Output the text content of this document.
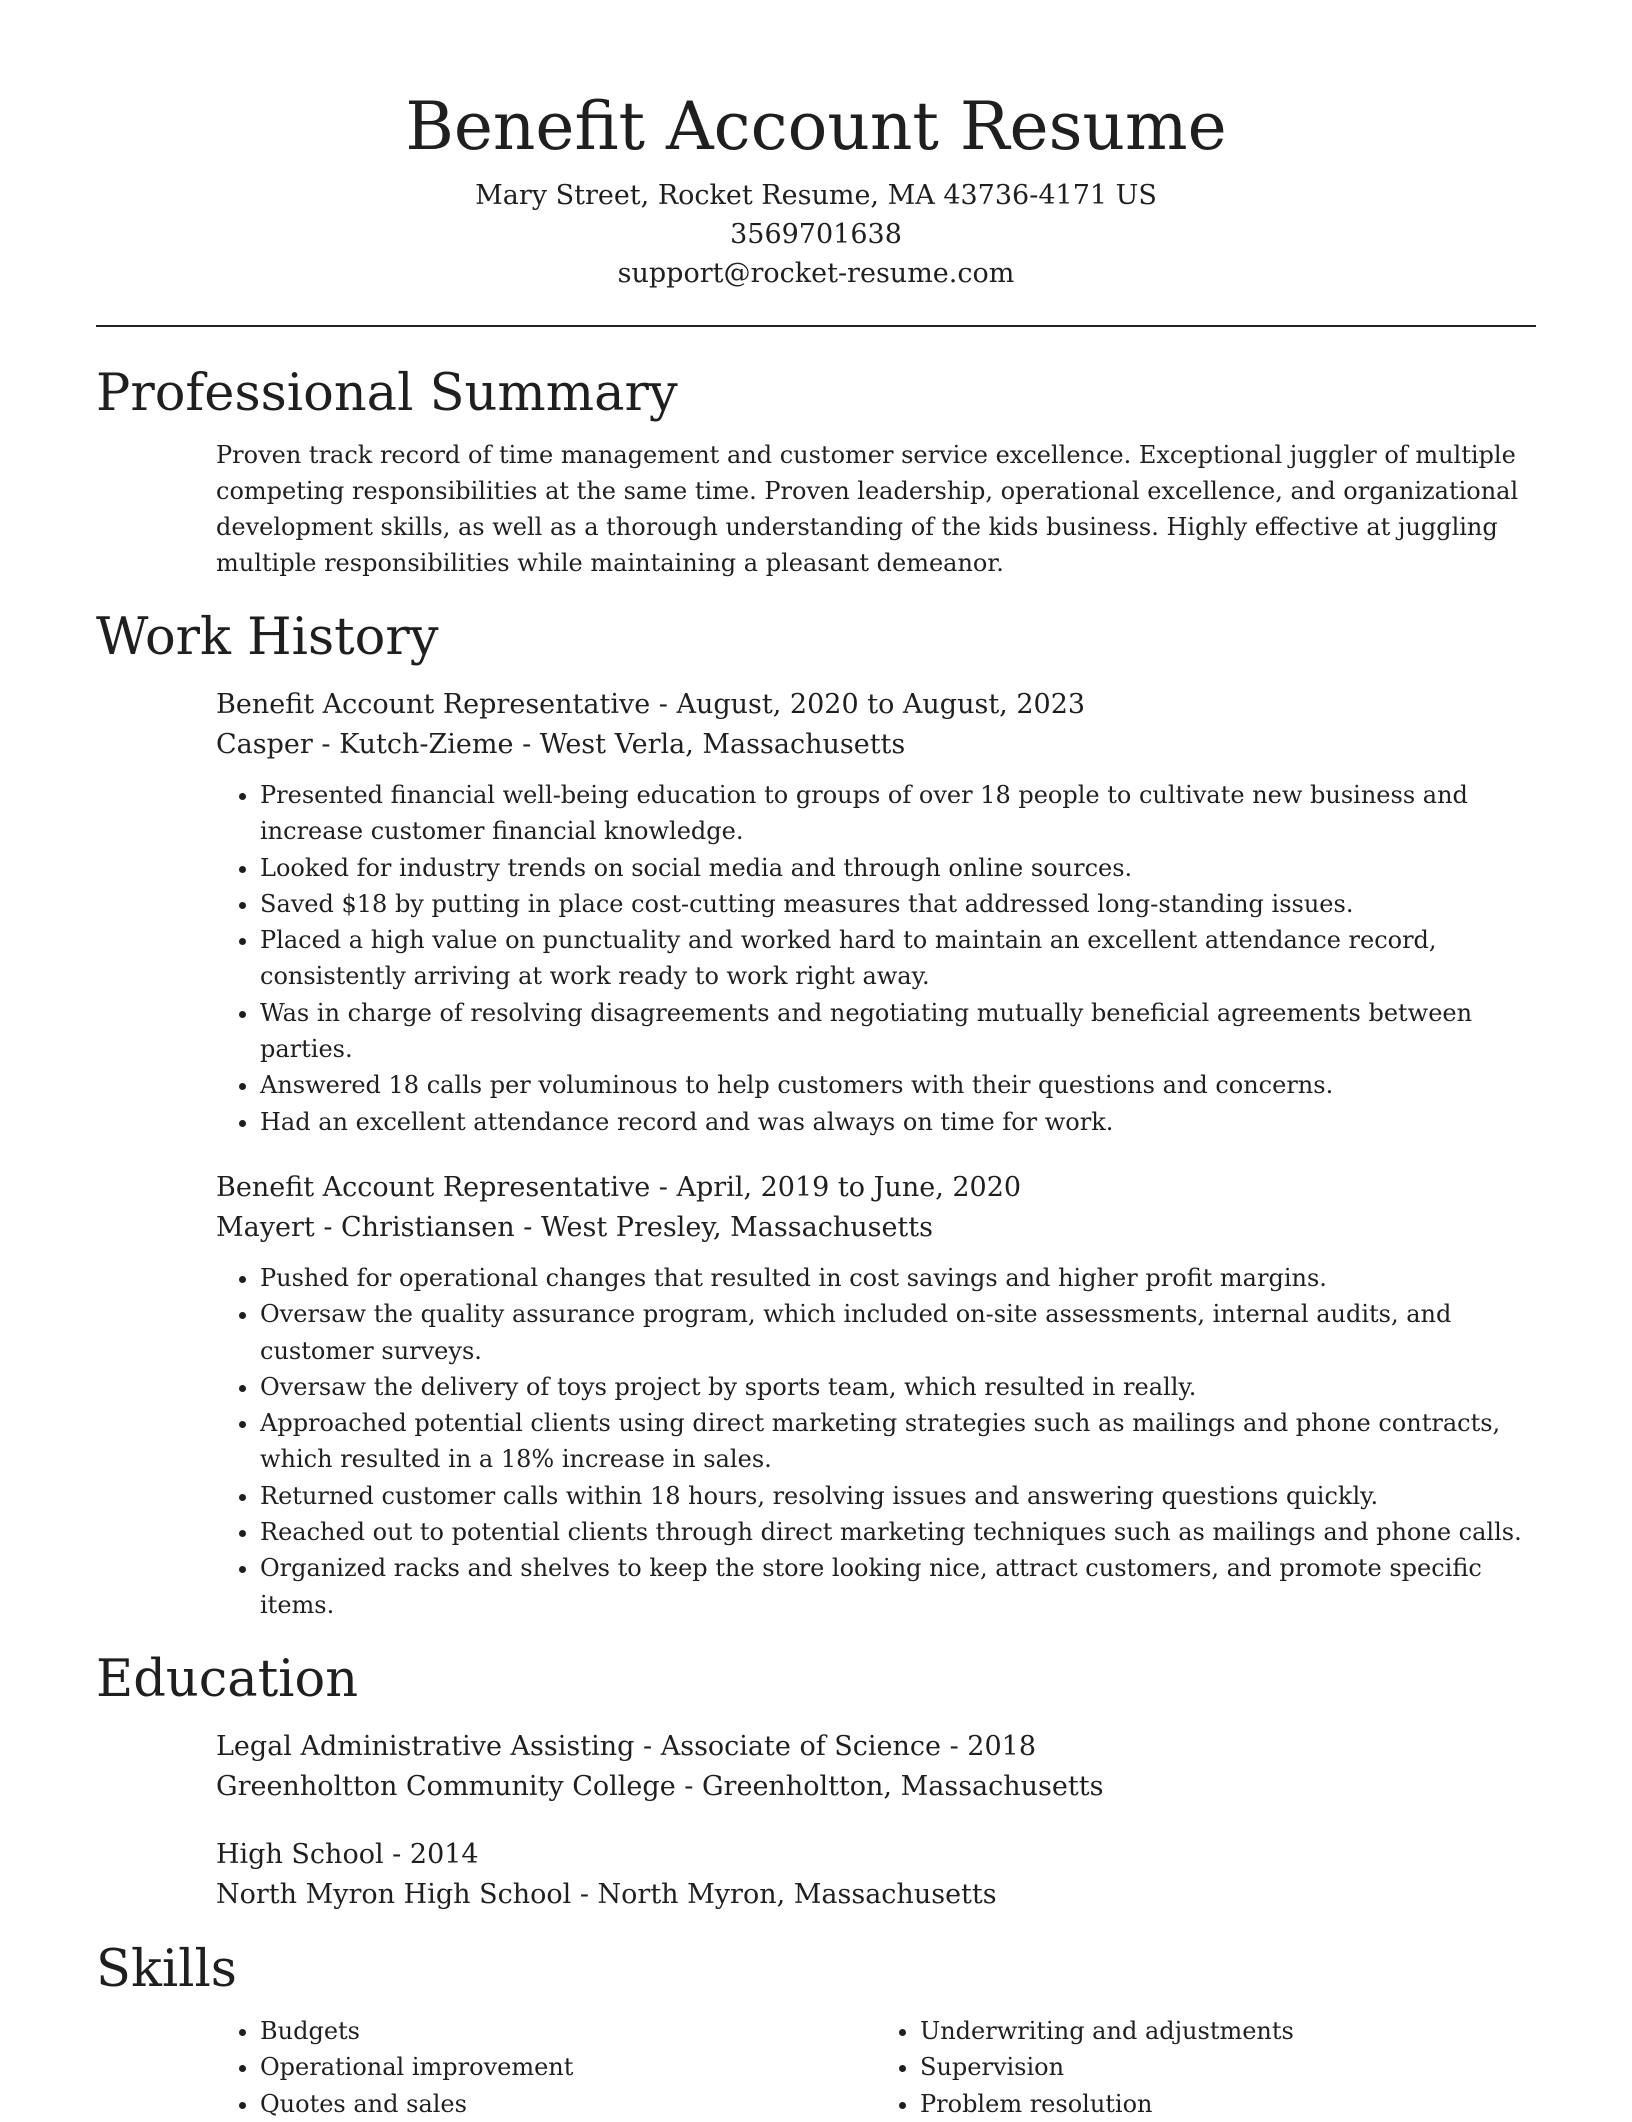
Benefit Account Resume
Mary Street, Rocket Resume, MA 43736-4171 US
3569701638
support@rocket-resume.com
Professional Summary

Proven track record of time management and customer service excellence. Exceptional juggler of multiple competing responsibilities at the same time. Proven leadership, operational excellence, and organizational development skills, as well as a thorough understanding of the kids business. Highly effective at juggling multiple responsibilities while maintaining a pleasant demeanor.

Work History
Benefit Account Representative - August, 2020 to August, 2023
Casper - Kutch-Zieme - West Verla, Massachusetts
• Presented financial well-being education to groups of over 18 people to cultivate new business and increase customer financial knowledge.
• Looked for industry trends on social media and through online sources.
• Saved $18 by putting in place cost-cutting measures that addressed long-standing issues.
• Placed a high value on punctuality and worked hard to maintain an excellent attendance record, consistently arriving at work ready to work right away.
• Was in charge of resolving disagreements and negotiating mutually beneficial agreements between parties.
• Answered 18 calls per voluminous to help customers with their questions and concerns.
• Had an excellent attendance record and was always on time for work.
Benefit Account Representative - April, 2019 to June, 2020
Mayert - Christiansen - West Presley, Massachusetts
• Pushed for operational changes that resulted in cost savings and higher profit margins.
• Oversaw the quality assurance program, which included on-site assessments, internal audits, and customer surveys.
• Oversaw the delivery of toys project by sports team, which resulted in really.
• Approached potential clients using direct marketing strategies such as mailings and phone contracts, which resulted in a 18% increase in sales.
• Returned customer calls within 18 hours, resolving issues and answering questions quickly.
• Reached out to potential clients through direct marketing techniques such as mailings and phone calls.
• Organized racks and shelves to keep the store looking nice, attract customers, and promote specific items.
Education
Legal Administrative Assisting - Associate of Science - 2018
Greenholtton Community College - Greenholtton, Massachusetts
High School - 2014
North Myron High School - North Myron, Massachusetts
Skills
• Budgets
• Operational improvement
• Quotes and sales
• Underwriting and adjustments
• Supervision
• Problem resolution
